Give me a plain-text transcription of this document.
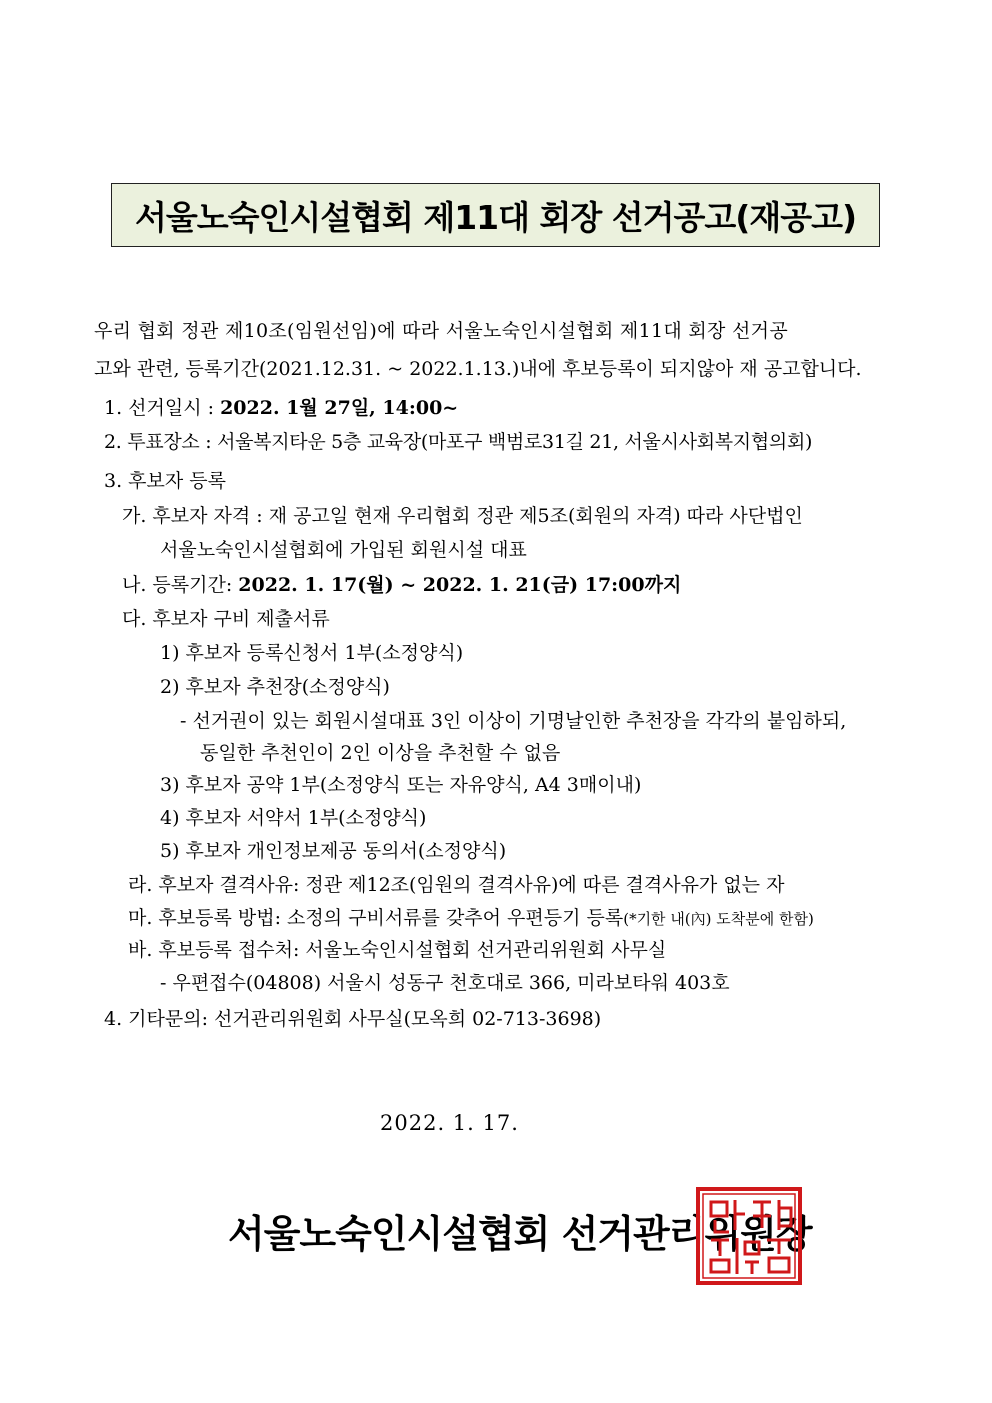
서울노숙인시설협회 제11대 회장 선거공고(재공고)
우리 협회 정관 제10조(임원선임)에 따라 서울노숙인시설협회 제11대 회장 선거공
고와 관련, 등록기간(2021.12.31. ~ 2022.1.13.)내에 후보등록이 되지않아 재 공고합니다.
1. 선거일시 : 2022. 1월 27일, 14:00~
2. 투표장소 : 서울복지타운 5층 교육장(마포구 백범로31길 21, 서울시사회복지협의회)
3. 후보자 등록
가. 후보자 자격 : 재 공고일 현재 우리협회 정관 제5조(회원의 자격) 따라 사단법인
서울노숙인시설협회에 가입된 회원시설 대표
나. 등록기간: 2022. 1. 17(월) ~ 2022. 1. 21(금) 17:00까지
다. 후보자 구비 제출서류
1) 후보자 등록신청서 1부(소정양식)
2) 후보자 추천장(소정양식)
- 선거권이 있는 회원시설대표 3인 이상이 기명날인한 추천장을 각각의 붙임하되,
동일한 추천인이 2인 이상을 추천할 수 없음
3) 후보자 공약 1부(소정양식 또는 자유양식, A4 3매이내)
4) 후보자 서약서 1부(소정양식)
5) 후보자 개인정보제공 동의서(소정양식)
라. 후보자 결격사유: 정관 제12조(임원의 결격사유)에 따른 결격사유가 없는 자
마. 후보등록 방법: 소정의 구비서류를 갖추어 우편등기 등록(*기한 내(內) 도착분에 한함)
바. 후보등록 접수처: 서울노숙인시설협회 선거관리위원회 사무실
- 우편접수(04808) 서울시 성동구 천호대로 366, 미라보타워 403호
4. 기타문의: 선거관리위원회 사무실(모옥희 02-713-3698)
2022. 1. 17.
서울노숙인시설협회 선거관리위원장
